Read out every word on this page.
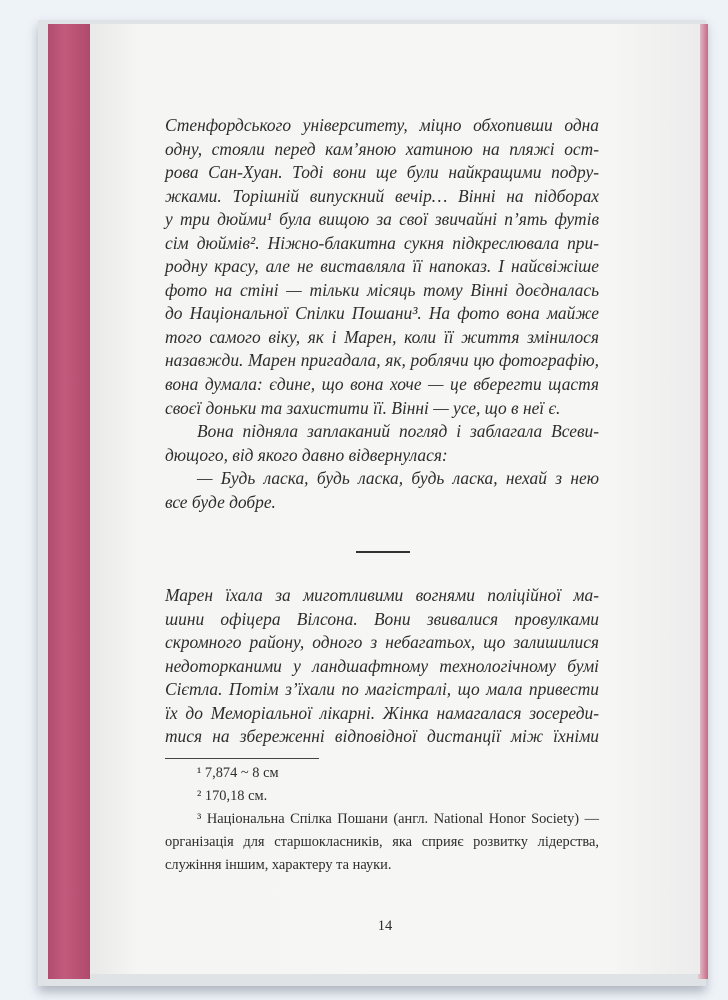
Стенфордського університету, міцно обхопивши одна
одну, стояли перед кам’яною хатиною на пляжі ост-
рова Сан-Хуан. Тоді вони ще були найкращими подру-
жками. Торішній випускний вечір… Вінні на підборах
у три дюйми¹ була вищою за свої звичайні п’ять футів
сім дюймів². Ніжно-блакитна сукня підкреслювала при-
родну красу, але не виставляла її напоказ. І найсвіжіше
фото на стіні — тільки місяць тому Вінні доєдналась
до Національної Спілки Пошани³. На фото вона майже
того самого віку, як і Марен, коли її життя змінилося
назавжди. Марен пригадала, як, роблячи цю фотографію,
вона думала: єдине, що вона хоче — це вберегти щастя
своєї доньки та захистити її. Вінні — усе, що в неї є.
Вона підняла заплаканий погляд і заблагала Всеви-
дющого, від якого давно відвернулася:
— Будь ласка, будь ласка, будь ласка, нехай з нею
все буде добре.
Марен їхала за миготливими вогнями поліційної ма-
шини офіцера Вілсона. Вони звивалися провулками
скромного району, одного з небагатьох, що залишилися
недоторканими у ландшафтному технологічному бумі
Сієтла. Потім з’їхали по магістралі, що мала привести
їх до Меморіальної лікарні. Жінка намагалася зосереди-
тися на збереженні відповідної дистанції між їхніми
¹ 7,874 ~ 8 см
² 170,18 см.
³ Національна Спілка Пошани (англ. National Honor Society) —
організація для старшокласників, яка сприяє розвитку лідерства,
служіння іншим, характеру та науки.
14
